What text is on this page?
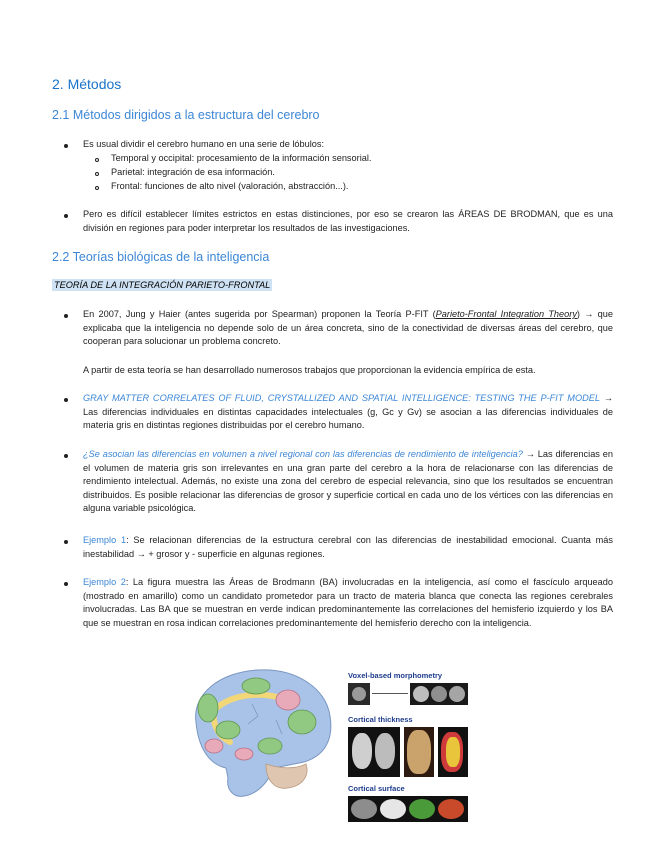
2. Métodos
2.1 Métodos dirigidos a la estructura del cerebro
Es usual dividir el cerebro humano en una serie de lóbulos:
Temporal y occipital: procesamiento de la información sensorial.
Parietal: integración de esa información.
Frontal: funciones de alto nivel (valoración, abstracción...).
Pero es difícil establecer límites estrictos en estas distinciones, por eso se crearon las ÁREAS DE BRODMAN, que es una división en regiones para poder interpretar los resultados de las investigaciones.
2.2 Teorías biológicas de la inteligencia
TEORÍA DE LA INTEGRACIÓN PARIETO-FRONTAL
En 2007, Jung y Haier (antes sugerida por Spearman) proponen la Teoría P-FIT (Parieto-Frontal Integration Theory) → que explicaba que la inteligencia no depende solo de un área concreta, sino de la conectividad de diversas áreas del cerebro, que cooperan para solucionar un problema concreto.
A partir de esta teoría se han desarrollado numerosos trabajos que proporcionan la evidencia empírica de esta.
GRAY MATTER CORRELATES OF FLUID, CRYSTALLIZED AND SPATIAL INTELLIGENCE: TESTING THE P-FIT MODEL → Las diferencias individuales en distintas capacidades intelectuales (g, Gc y Gv) se asocian a las diferencias individuales de materia gris en distintas regiones distribuidas por el cerebro humano.
¿Se asocian las diferencias en volumen a nivel regional con las diferencias de rendimiento de inteligencia? → Las diferencias en el volumen de materia gris son irrelevantes en una gran parte del cerebro a la hora de relacionarse con las diferencias de rendimiento intelectual. Además, no existe una zona del cerebro de especial relevancia, sino que los resultados se encuentran distribuidos. Es posible relacionar las diferencias de grosor y superficie cortical en cada uno de los vértices con las diferencias en alguna variable psicológica.
Ejemplo 1: Se relacionan diferencias de la estructura cerebral con las diferencias de inestabilidad emocional. Cuanta más inestabilidad → + grosor y - superficie en algunas regiones.
Ejemplo 2: La figura muestra las Áreas de Brodmann (BA) involucradas en la inteligencia, así como el fascículo arqueado (mostrado en amarillo) como un candidato prometedor para un tracto de materia blanca que conecta las regiones cerebrales involucradas. Las BA que se muestran en verde indican predominantemente las correlaciones del hemisferio izquierdo y los BA que se muestran en rosa indican correlaciones predominantemente del hemisferio derecho con la inteligencia.
Voxel-based morphometry
Cortical thickness
Cortical surface
